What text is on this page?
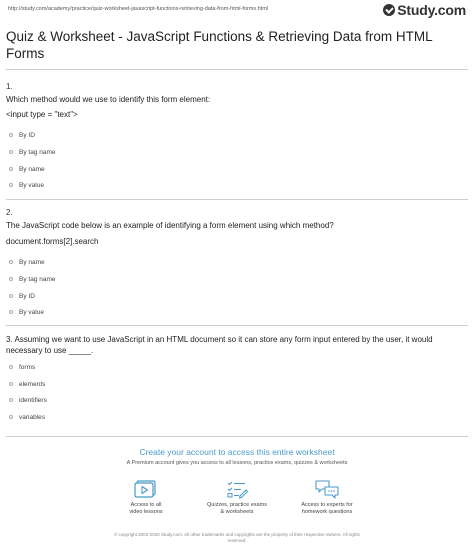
http://study.com/academy/practice/quiz-worksheet-javascript-functions-retrieving-data-from-html-forms.html	Study.com
Quiz & Worksheet - JavaScript Functions & Retrieving Data from HTML Forms
1.
Which method would we use to identify this form element:
<input type = "text">
By ID
By tag name
By name
By value
2.
The JavaScript code below is an example of identifying a form element using which method?
document.forms[2].search
By name
By tag name
By ID
By value
3. Assuming we want to use JavaScript in an HTML document so it can store any form input entered by the user, it would necessary to use _____.
forms
elements
identifiers
variables
Create your account to access this entire worksheet
A Premium account gives you access to all lessons, practice exams, quizzes & worksheets
Access to all
video lessons
Quizzes, practice exams
& worksheets
Access to experts for
homework questions
© copyright 2003-2020 Study.com. All other trademarks and copyrights are the property of their respective owners. All rights
reserved.
